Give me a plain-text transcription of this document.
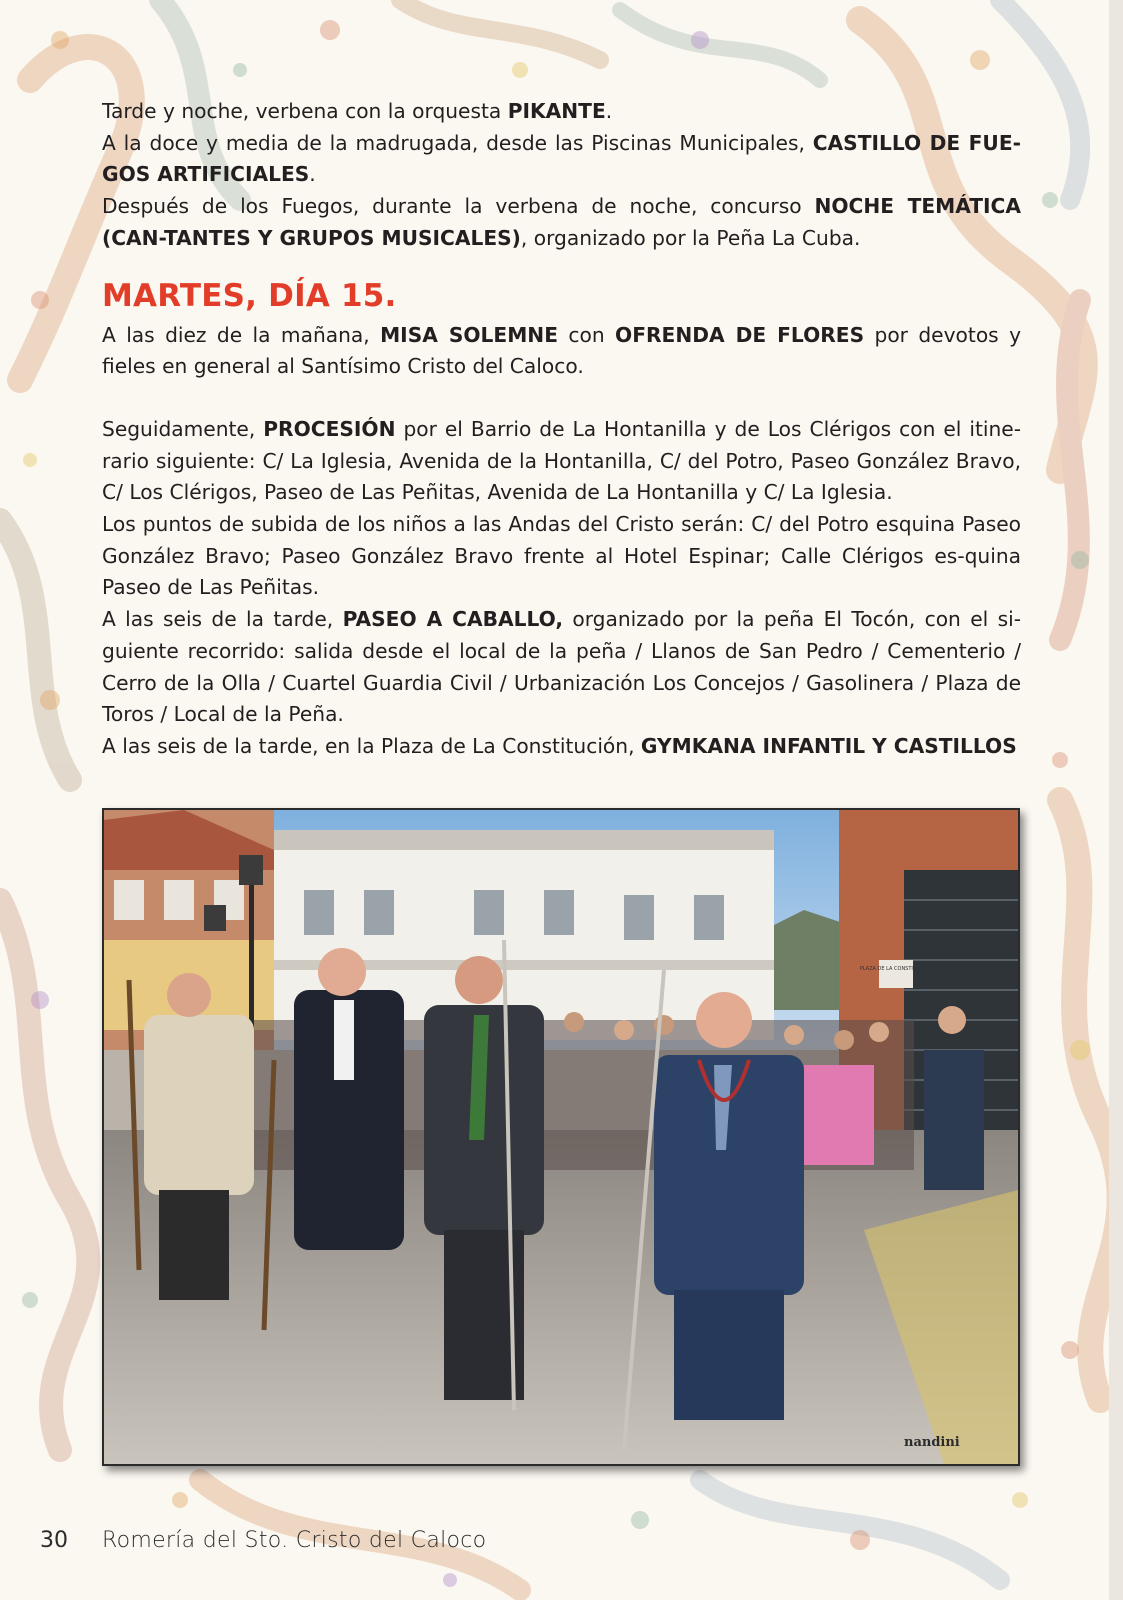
Tarde y noche, verbena con la orquesta PIKANTE.

A la doce y media de la madrugada, desde las Piscinas Municipales, CASTILLO DE FUE-GOS ARTIFICIALES.

Después de los Fuegos, durante la verbena de noche, concurso NOCHE TEMÁTICA (CAN-TANTES Y GRUPOS MUSICALES), organizado por la Peña La Cuba.

MARTES, DÍA 15.

A las diez de la mañana, MISA SOLEMNE con OFRENDA DE FLORES por devotos y fieles en general al Santísimo Cristo del Caloco.

Seguidamente, PROCESIÓN por el Barrio de La Hontanilla y de Los Clérigos con el itine-rario siguiente: C/ La Iglesia, Avenida de la Hontanilla, C/ del Potro, Paseo González Bravo, C/ Los Clérigos, Paseo de Las Peñitas, Avenida de La Hontanilla y C/ La Iglesia.

Los puntos de subida de los niños a las Andas del Cristo serán: C/ del Potro esquina Paseo González Bravo; Paseo González Bravo frente al Hotel Espinar; Calle Clérigos es-quina Paseo de Las Peñitas.

A las seis de la tarde, PASEO A CABALLO, organizado por la peña El Tocón, con el si-guiente recorrido: salida desde el local de la peña / Llanos de San Pedro / Cementerio / Cerro de la Olla / Cuartel Guardia Civil / Urbanización Los Concejos / Gasolinera / Plaza de Toros / Local de la Peña.

A las seis de la tarde, en la Plaza de La Constitución, GYMKANA INFANTIL Y CASTILLOS

PLAZA DE LA CONSTITUCION
nandini
30	Romería del Sto. Cristo del Caloco
